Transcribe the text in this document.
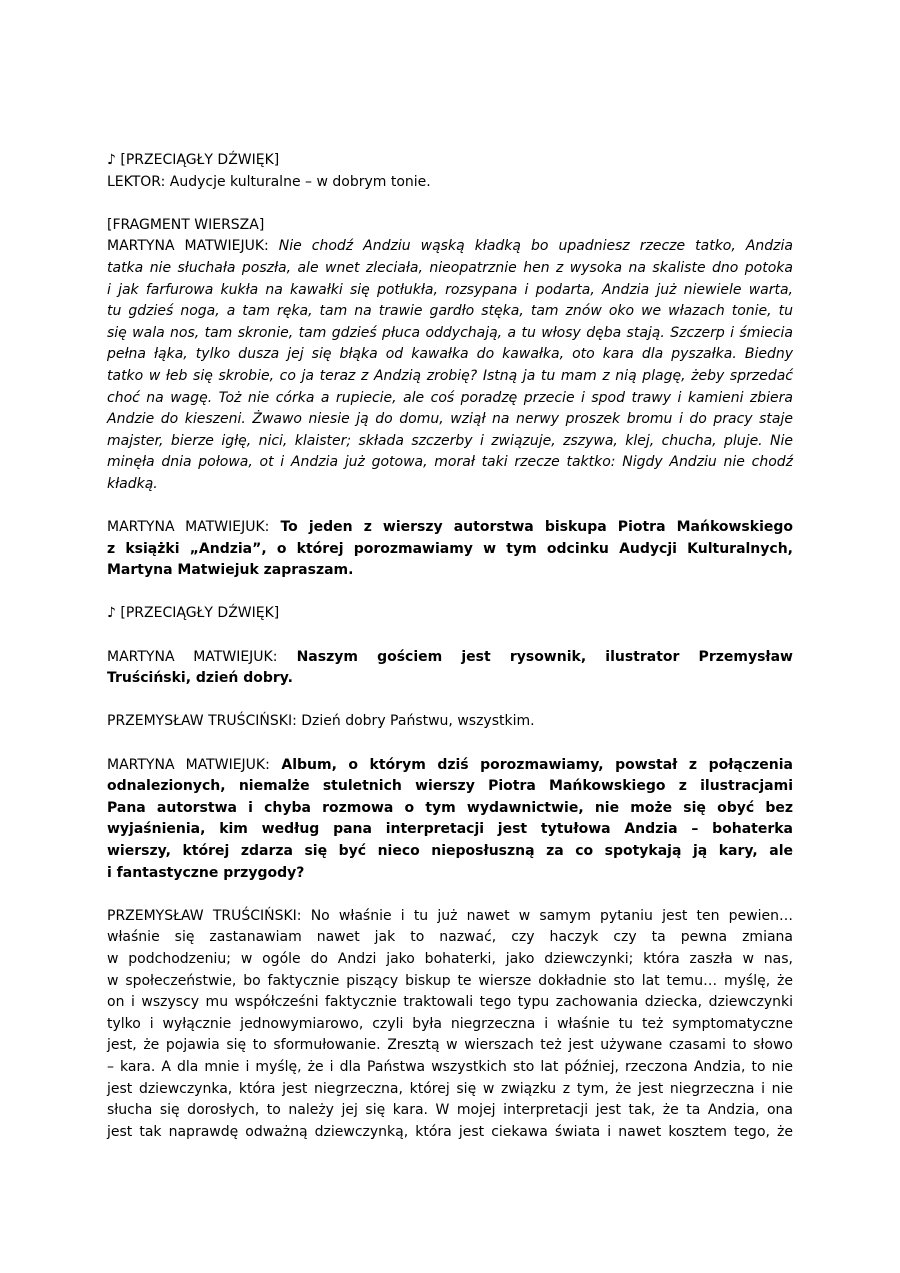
♪ [PRZECIĄGŁY DŹWIĘK]
LEKTOR: Audycje kulturalne – w dobrym tonie.
[FRAGMENT WIERSZA]
MARTYNA MATWIEJUK: Nie chodź Andziu wąską kładką bo upadniesz rzecze tatko, Andzia
tatka nie słuchała poszła, ale wnet zleciała, nieopatrznie hen z wysoka na skaliste dno potoka
i jak farfurowa kukła na kawałki się potłukła, rozsypana i podarta, Andzia już niewiele warta,
tu gdzieś noga, a tam ręka, tam na trawie gardło stęka, tam znów oko we włazach tonie, tu
się wala nos, tam skronie, tam gdzieś płuca oddychają, a tu włosy dęba stają. Szczerp i śmiecia
pełna łąka, tylko dusza jej się błąka od kawałka do kawałka, oto kara dla pyszałka. Biedny
tatko w łeb się skrobie, co ja teraz z Andzią zrobię? Istną ja tu mam z nią plagę, żeby sprzedać
choć na wagę. Toż nie córka a rupiecie, ale coś poradzę przecie i spod trawy i kamieni zbiera
Andzie do kieszeni. Żwawo niesie ją do domu, wziął na nerwy proszek bromu i do pracy staje
majster, bierze igłę, nici, klaister; składa szczerby i związuje, zszywa, klej, chucha, pluje. Nie
minęła dnia połowa, ot i Andzia już gotowa, morał taki rzecze taktko: Nigdy Andziu nie chodź
kładką.
MARTYNA MATWIEJUK: To jeden z wierszy autorstwa biskupa Piotra Mańkowskiego
z książki „Andzia”, o której porozmawiamy w tym odcinku Audycji Kulturalnych,
Martyna Matwiejuk zapraszam.
♪ [PRZECIĄGŁY DŹWIĘK]
MARTYNA MATWIEJUK: Naszym gościem jest rysownik, ilustrator Przemysław
Truściński, dzień dobry.
PRZEMYSŁAW TRUŚCIŃSKI: Dzień dobry Państwu, wszystkim.
MARTYNA MATWIEJUK: Album, o którym dziś porozmawiamy, powstał z połączenia
odnalezionych, niemalże stuletnich wierszy Piotra Mańkowskiego z ilustracjami
Pana autorstwa i chyba rozmowa o tym wydawnictwie, nie może się obyć bez
wyjaśnienia, kim według pana interpretacji jest tytułowa Andzia – bohaterka
wierszy, której zdarza się być nieco nieposłuszną za co spotykają ją kary, ale
i fantastyczne przygody?
PRZEMYSŁAW TRUŚCIŃSKI: No właśnie i tu już nawet w samym pytaniu jest ten pewien…
właśnie się zastanawiam nawet jak to nazwać, czy haczyk czy ta pewna zmiana
w podchodzeniu; w ogóle do Andzi jako bohaterki, jako dziewczynki; która zaszła w nas,
w społeczeństwie, bo faktycznie piszący biskup te wiersze dokładnie sto lat temu… myślę, że
on i wszyscy mu współcześni faktycznie traktowali tego typu zachowania dziecka, dziewczynki
tylko i wyłącznie jednowymiarowo, czyli była niegrzeczna i właśnie tu też symptomatyczne
jest, że pojawia się to sformułowanie. Zresztą w wierszach też jest używane czasami to słowo
– kara. A dla mnie i myślę, że i dla Państwa wszystkich sto lat później, rzeczona Andzia, to nie
jest dziewczynka, która jest niegrzeczna, której się w związku z tym, że jest niegrzeczna i nie
słucha się dorosłych, to należy jej się kara. W mojej interpretacji jest tak, że ta Andzia, ona
jest tak naprawdę odważną dziewczynką, która jest ciekawa świata i nawet kosztem tego, że
